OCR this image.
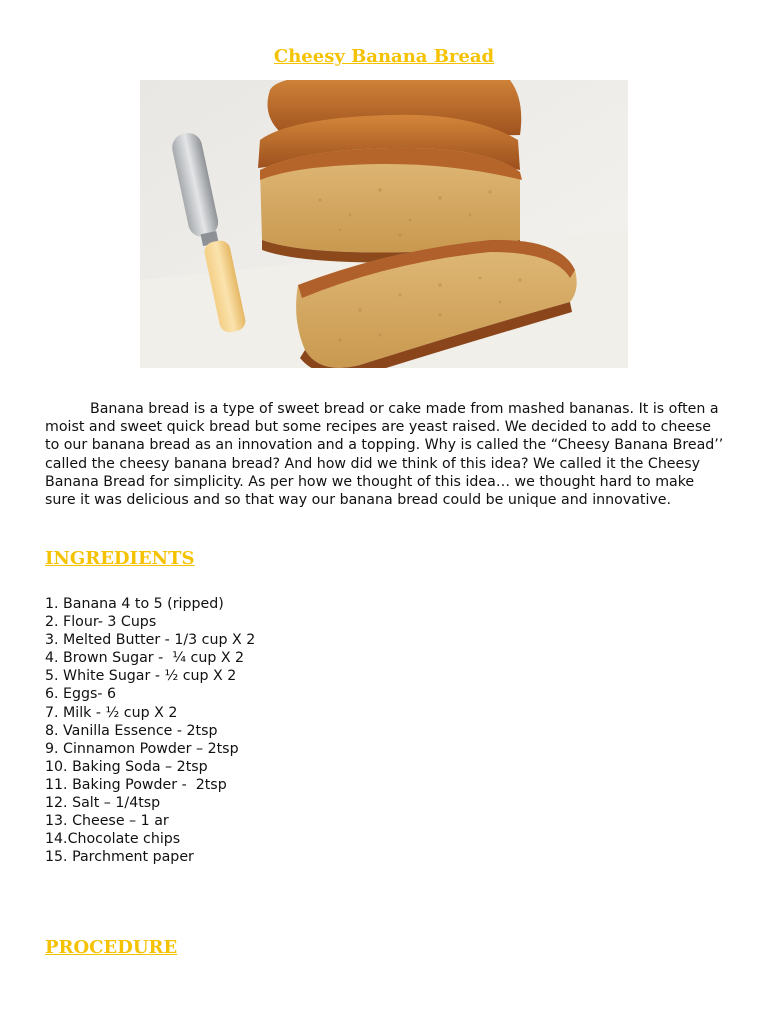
Cheesy Banana Bread

Banana bread is a type of sweet bread or cake made from mashed bananas. It is often a moist and sweet quick bread but some recipes are yeast raised. We decided to add to cheese to our banana bread as an innovation and a topping. Why is called the “Cheesy Banana Bread’’ called the cheesy banana bread? And how did we think of this idea? We called it the Cheesy Banana Bread for simplicity. As per how we thought of this idea… we thought hard to make sure it was delicious and so that way our banana bread could be unique and innovative.

INGREDIENTS
1. Banana 4 to 5 (ripped)
2. Flour- 3 Cups
3. Melted Butter - 1/3 cup X 2
4. Brown Sugar -  ¼ cup X 2
5. White Sugar - ½ cup X 2
6. Eggs- 6
7. Milk - ½ cup X 2
8. Vanilla Essence - 2tsp
9. Cinnamon Powder – 2tsp
10. Baking Soda – 2tsp
11. Baking Powder -  2tsp
12. Salt – 1/4tsp
13. Cheese – 1 ar
14.Chocolate chips
15. Parchment paper
PROCEDURE
